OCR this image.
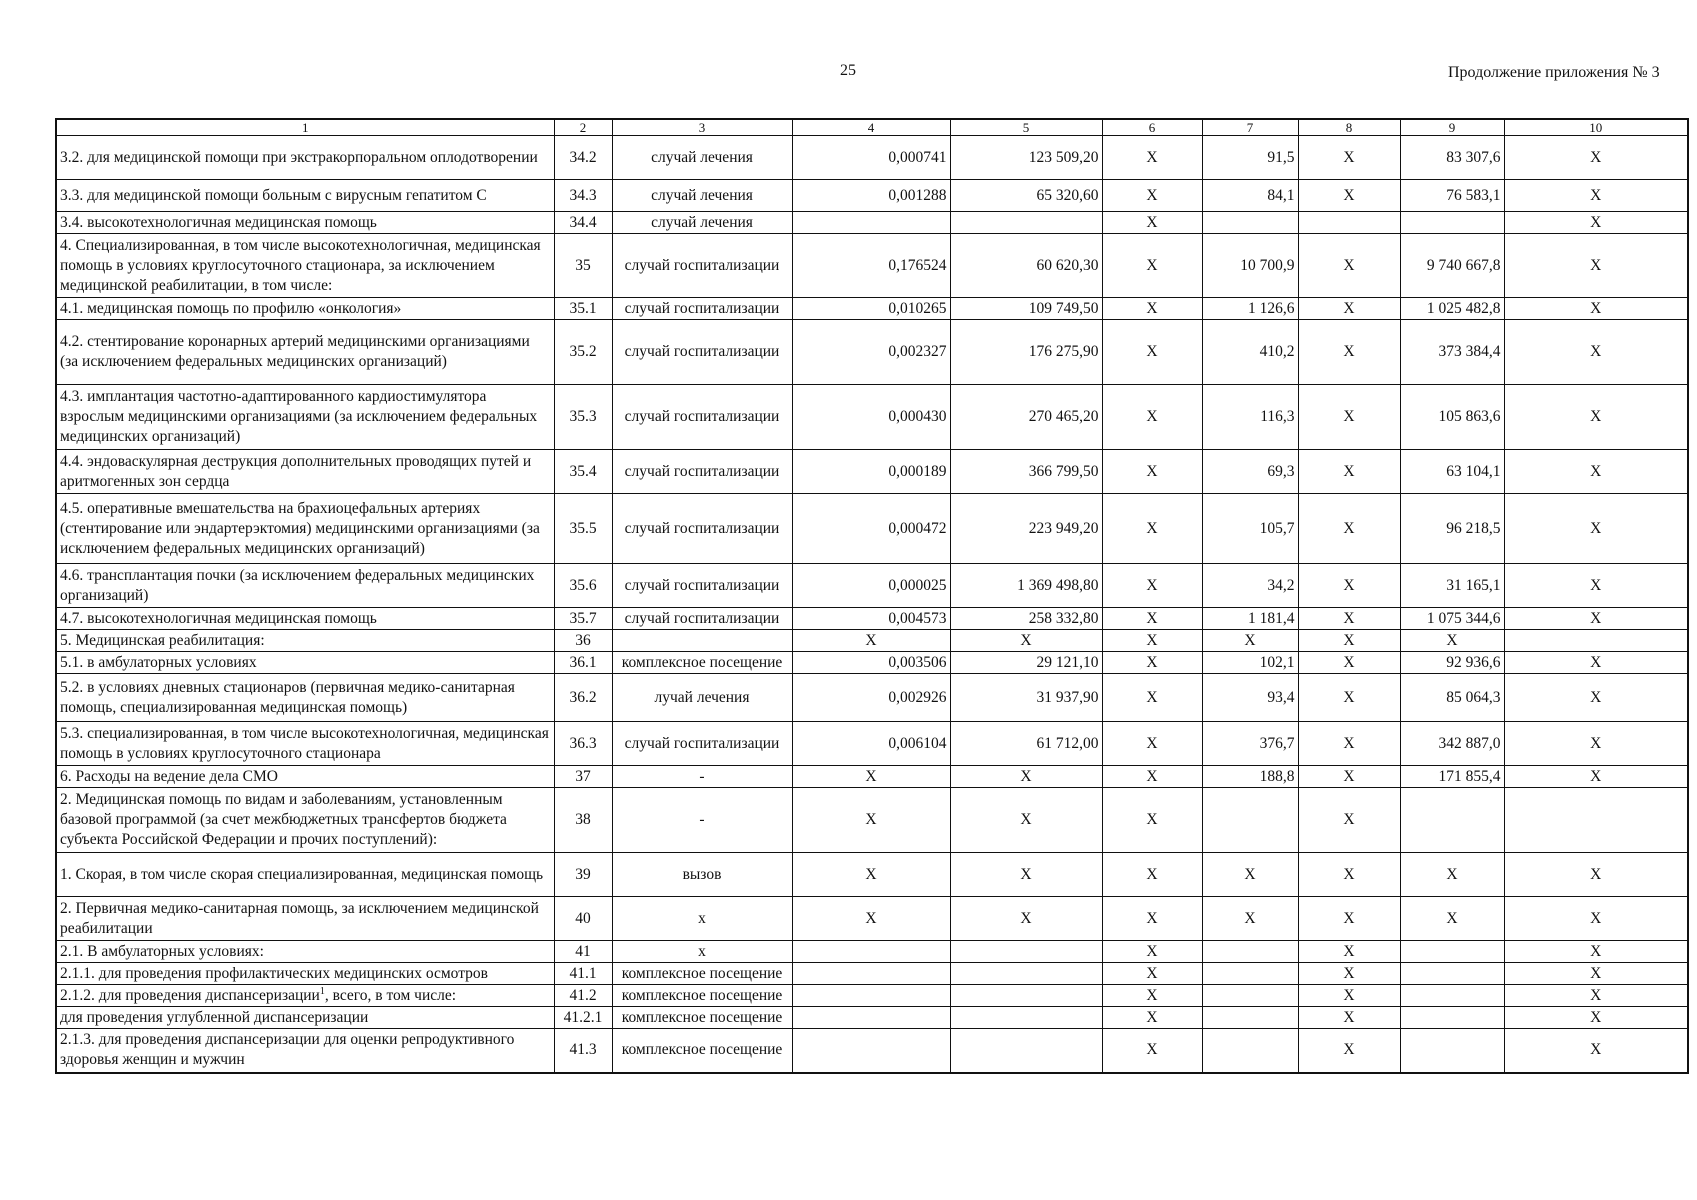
25	Продолжение приложения № 3
1	2	3	4	5	6	7	8	9	10
3.2. для медицинской помощи при экстракорпоральном оплодотворении	34.2	случай лечения	0,000741	123 509,20	Х	91,5	Х	83 307,6	Х
3.3. для медицинской помощи больным с вирусным гепатитом С	34.3	случай лечения	0,001288	65 320,60	Х	84,1	Х	76 583,1	Х
3.4. высокотехнологичная медицинская помощь	34.4	случай лечения			Х				Х
4. Специализированная, в том числе высокотехнологичная, медицинская помощь в условиях круглосуточного стационара, за исключением медицинской реабилитации, в том числе:	35	случай госпитализации	0,176524	60 620,30	Х	10 700,9	Х	9 740 667,8	Х
4.1. медицинская помощь по профилю «онкология»	35.1	случай госпитализации	0,010265	109 749,50	Х	1 126,6	Х	1 025 482,8	Х
4.2. стентирование коронарных артерий медицинскими организациями (за исключением федеральных медицинских организаций)	35.2	случай госпитализации	0,002327	176 275,90	Х	410,2	Х	373 384,4	Х
4.3. имплантация частотно-адаптированного кардиостимулятора взрослым медицинскими организациями (за исключением федеральных медицинских организаций)	35.3	случай госпитализации	0,000430	270 465,20	Х	116,3	Х	105 863,6	Х
4.4. эндоваскулярная деструкция дополнительных проводящих путей и аритмогенных зон сердца	35.4	случай госпитализации	0,000189	366 799,50	Х	69,3	Х	63 104,1	Х
4.5. оперативные вмешательства на брахиоцефальных артериях (стентирование или эндартерэктомия) медицинскими организациями (за исключением федеральных медицинских организаций)	35.5	случай госпитализации	0,000472	223 949,20	Х	105,7	Х	96 218,5	Х
4.6. трансплантация почки (за исключением федеральных медицинских организаций)	35.6	случай госпитализации	0,000025	1 369 498,80	Х	34,2	Х	31 165,1	Х
4.7. высокотехнологичная медицинская помощь	35.7	случай госпитализации	0,004573	258 332,80	Х	1 181,4	Х	1 075 344,6	Х
5. Медицинская реабилитация:	36		Х	Х	Х	Х	Х	Х	
5.1. в амбулаторных условиях	36.1	комплексное посещение	0,003506	29 121,10	Х	102,1	Х	92 936,6	Х
5.2. в условиях дневных стационаров (первичная медико-санитарная помощь, специализированная медицинская помощь)	36.2	лучай лечения	0,002926	31 937,90	Х	93,4	Х	85 064,3	Х
5.3. специализированная, в том числе высокотехнологичная, медицинская помощь в условиях круглосуточного стационара	36.3	случай госпитализации	0,006104	61 712,00	Х	376,7	Х	342 887,0	Х
6. Расходы на ведение дела СМО	37	-	Х	Х	Х	188,8	Х	171 855,4	Х
2. Медицинская помощь по видам и заболеваниям, установленным базовой программой (за счет межбюджетных трансфертов бюджета субъекта Российской Федерации и прочих поступлений):	38	-	Х	Х	Х		Х		
1. Скорая, в том числе скорая специализированная, медицинская помощь	39	вызов	Х	Х	Х	Х	Х	Х	Х
2. Первичная медико-санитарная помощь, за исключением медицинской реабилитации	40	х	Х	Х	Х	Х	Х	Х	Х
2.1. В амбулаторных условиях:	41	х			Х		Х		Х
2.1.1. для проведения профилактических медицинских осмотров	41.1	комплексное посещение			Х		Х		Х
2.1.2. для проведения диспансеризации$^1$, всего, в том числе:	41.2	комплексное посещение			Х		Х		Х
для проведения углубленной диспансеризации	41.2.1	комплексное посещение			Х		Х		Х
2.1.3. для проведения диспансеризации для оценки репродуктивного здоровья женщин и мужчин	41.3	комплексное посещение			Х		Х		Х
